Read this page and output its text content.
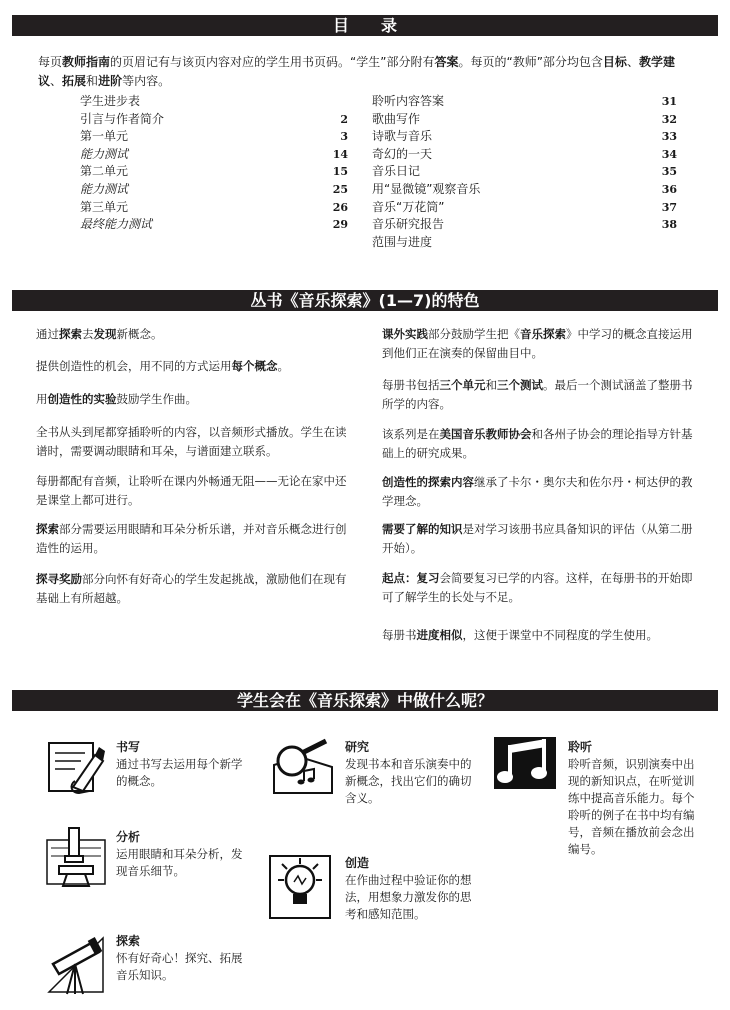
目　　录
每页教师指南的页眉记有与该页内容对应的学生用书页码。“学生”部分附有答案。每页的“教师”部分均包含目标、教学建议、拓展和进阶等内容。
学生进步表
引言与作者简介	2
第一单元	3
能力测试	14
第二单元	15
能力测试	25
第三单元	26
最终能力测试	29
聆听内容答案	31
歌曲写作	32
诗歌与音乐	33
奇幻的一天	34
音乐日记	35
用“显微镜”观察音乐	36
音乐“万花筒”	37
音乐研究报告	38
范围与进度
丛书《音乐探索》(1—7)的特色
通过探索去发现新概念。
提供创造性的机会，用不同的方式运用每个概念。
用创造性的实验鼓励学生作曲。
全书从头到尾都穿插聆听的内容，以音频形式播放。学生在读谱时，需要调动眼睛和耳朵，与谱面建立联系。
每册都配有音频，让聆听在课内外畅通无阻——无论在家中还是课堂上都可进行。
探索部分需要运用眼睛和耳朵分析乐谱，并对音乐概念进行创造性的运用。
探寻奖励部分向怀有好奇心的学生发起挑战，激励他们在现有基础上有所超越。
课外实践部分鼓励学生把《音乐探索》中学习的概念直接运用到他们正在演奏的保留曲目中。
每册书包括三个单元和三个测试。最后一个测试涵盖了整册书所学的内容。
该系列是在美国音乐教师协会和各州子协会的理论指导方针基础上的研究成果。
创造性的探索内容继承了卡尔・奥尔夫和佐尔丹・柯达伊的教学理念。
需要了解的知识是对学习该册书应具备知识的评估（从第二册开始）。
起点：复习会简要复习已学的内容。这样，在每册书的开始即可了解学生的长处与不足。
每册书进度相似，这便于课堂中不同程度的学生使用。
学生会在《音乐探索》中做什么呢？
书写
通过书写去运用每个新学的概念。
研究
发现书本和音乐演奏中的新概念，找出它们的确切含义。
聆听
聆听音频，识别演奏中出现的新知识点，在听觉训练中提高音乐能力。每个聆听的例子在书中均有编号，音频在播放前会念出编号。
分析
运用眼睛和耳朵分析，发现音乐细节。
创造
在作曲过程中验证你的想法，用想象力激发你的思考和感知范围。
探索
怀有好奇心！探究、拓展音乐知识。
